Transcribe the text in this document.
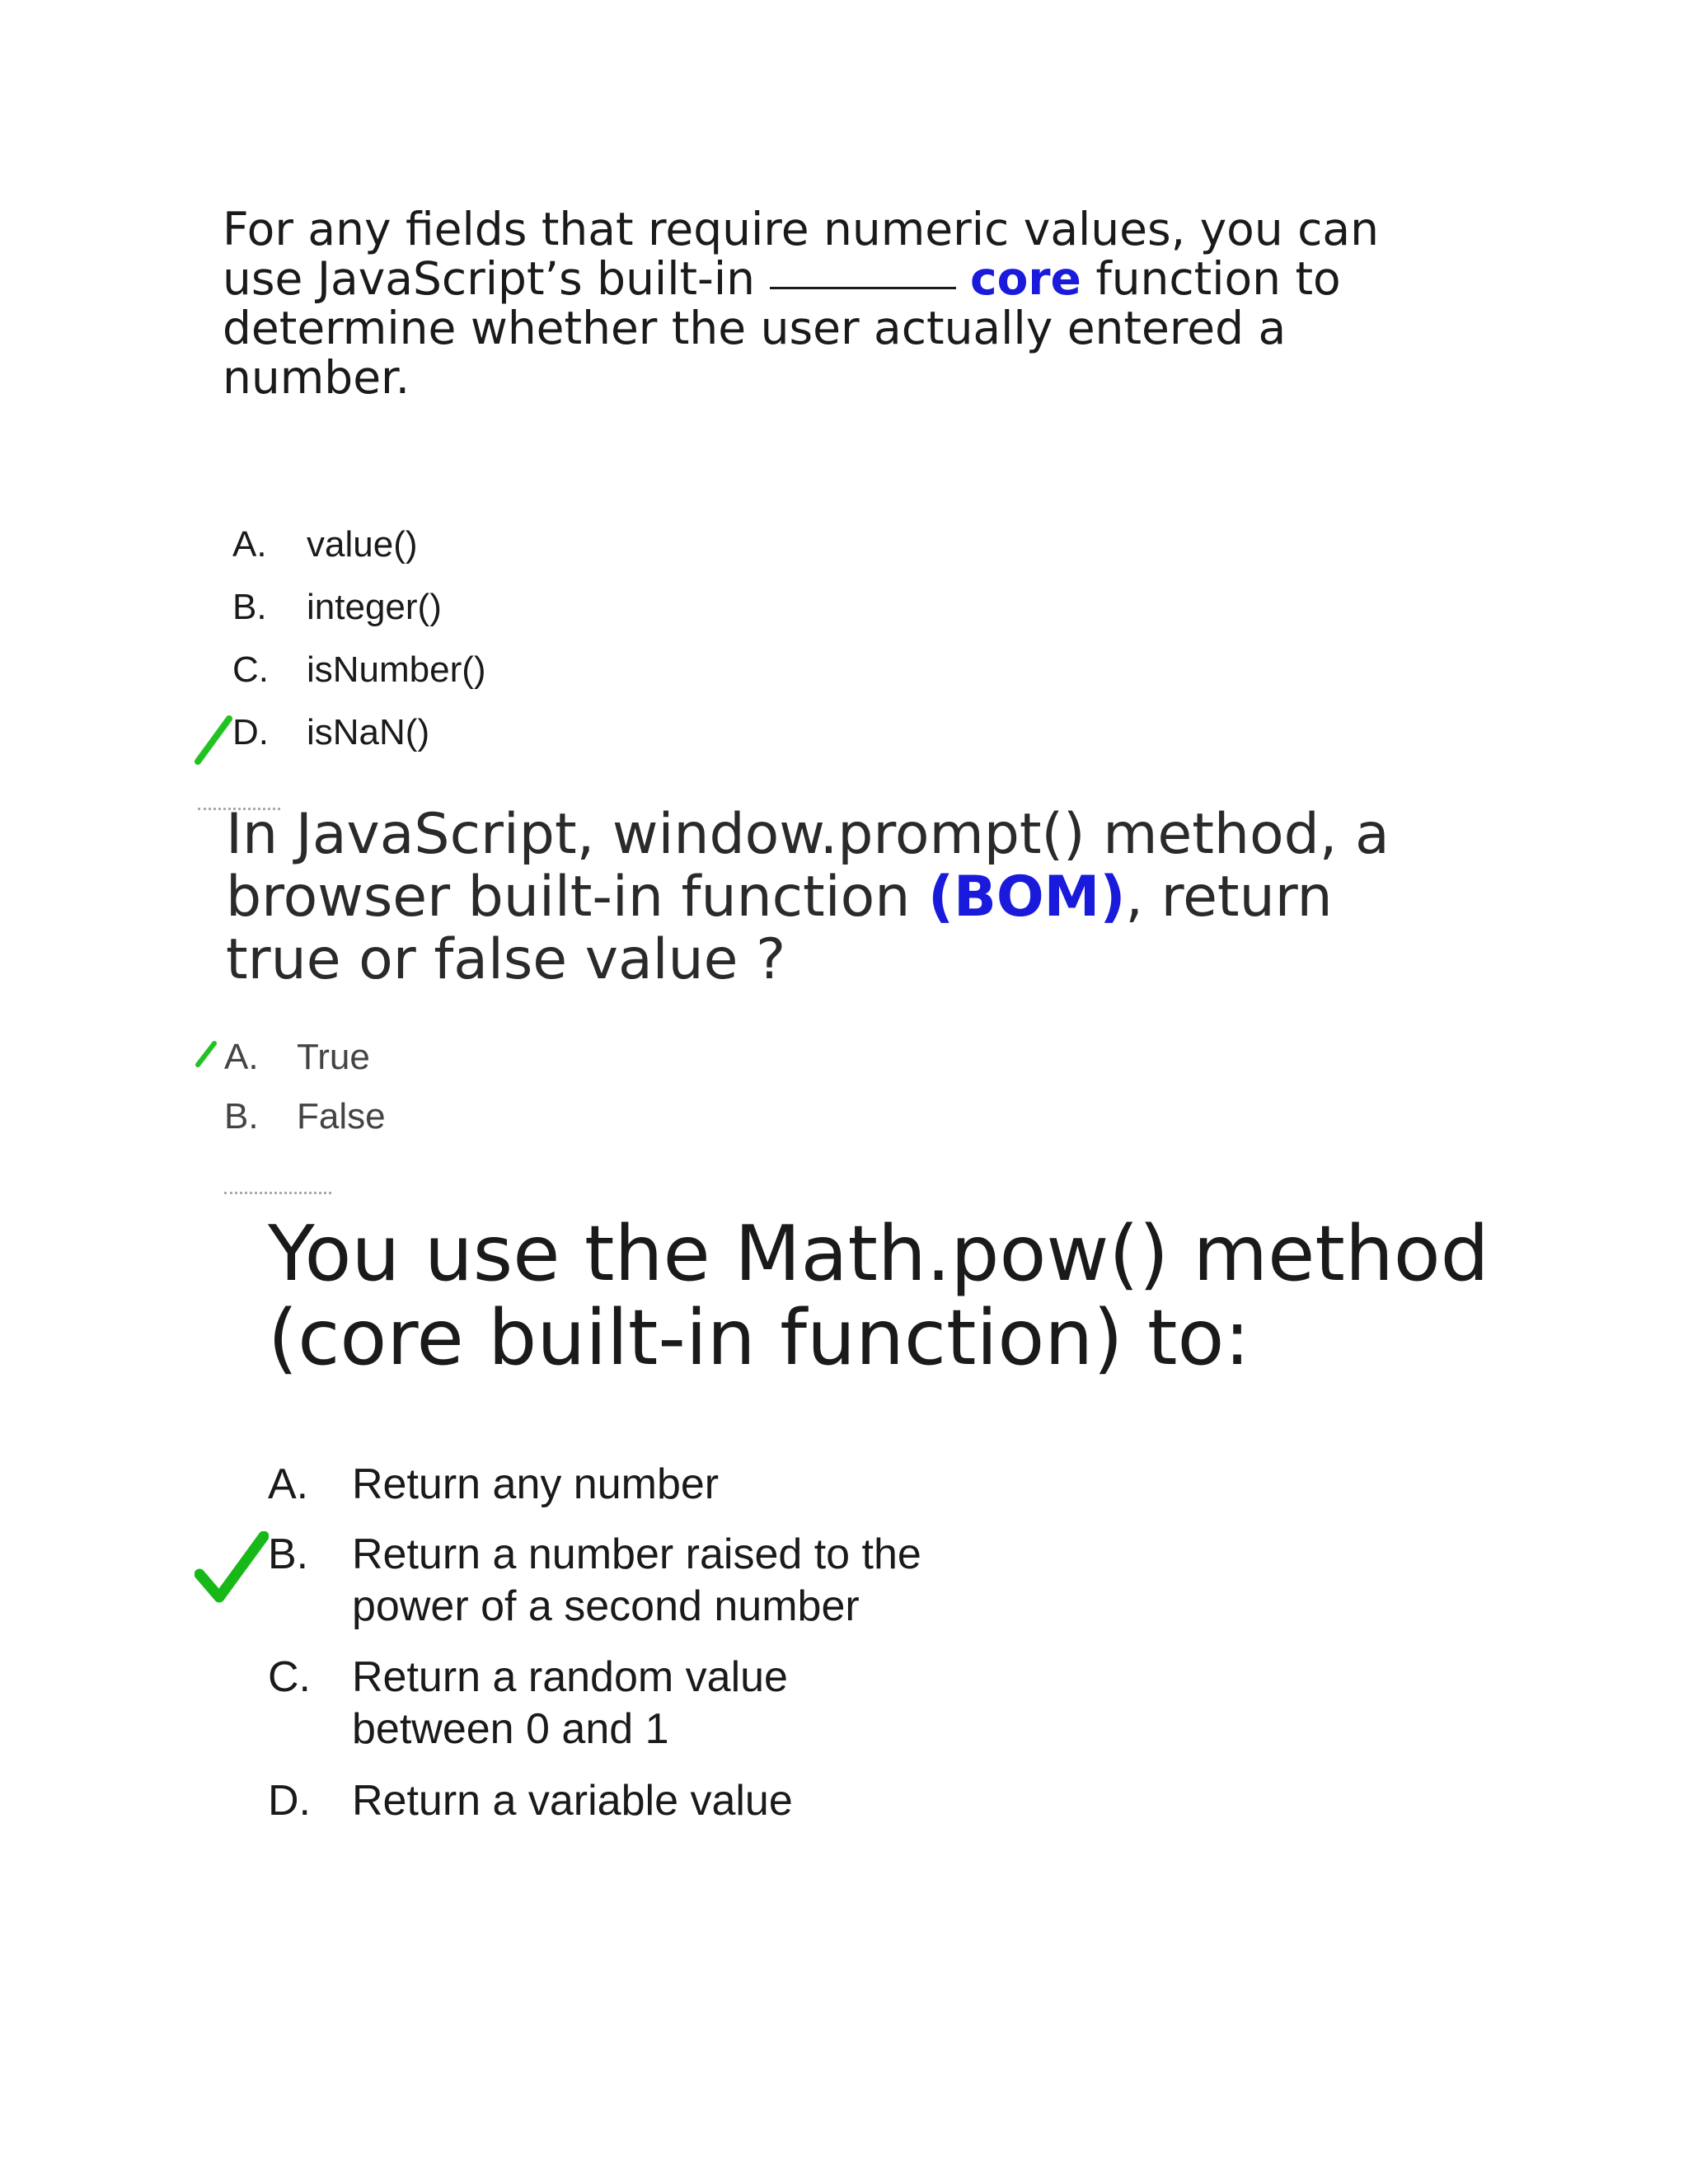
For any fields that require numeric values, you can use JavaScript’s built-in	core function to determine whether the user actually entered a number.

A. value()
B. integer()
C. isNumber()
D. isNaN()

In JavaScript, window.prompt() method, a browser built-in function (BOM), return true or false value ?

A. True
B. False

You use the Math.pow() method (core built-in function) to:

A. Return any number
B. Return a number raised to the power of a second number
C. Return a random value between 0 and 1
D. Return a variable value
